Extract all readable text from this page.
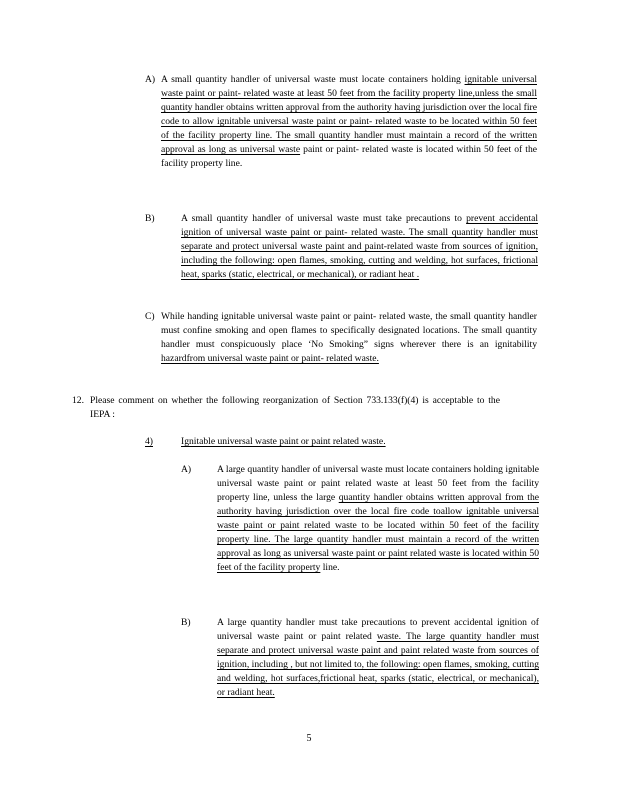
A) A small quantity handler of universal waste must locate containers holding ignitable universal waste paint or paint- related waste at least 50 feet from the facility property line,unless the small quantity handler obtains written approval from the authority having jurisdiction over the local fire code to allow ignitable universal waste paint or paint- related waste to be located within 50 feet of the facility property line. The small quantity handler must maintain a record of the written approval as long as universal waste paint or paint- related waste is located within 50 feet of the facility property line.
B)	A small quantity handler of universal waste must take precautions to prevent accidental ignition of universal waste paint or paint- related waste. The small quantity handler must separate and protect universal waste paint and paint-related waste from sources of ignition, including the following: open flames, smoking, cutting and welding, hot surfaces, frictional heat, sparks (static, electrical, or mechanical), or radiant heat .
C) While handing ignitable universal waste paint or paint- related waste, the small quantity handler must confine smoking and open flames to specifically designated locations. The small quantity handler must conspicuously place ‘No Smoking” signs wherever there is an ignitability hazardfrom universal waste paint or paint- related waste.
12. Please comment on whether the following reorganization of Section 733.133(f)(4) is acceptable to the IEPA :
4)	Ignitable universal waste paint or paint related waste.
A)	A large quantity handler of universal waste must locate containers holding ignitable universal waste paint or paint related waste at least 50 feet from the facility property line, unless the large quantity handler obtains written approval from the authority having jurisdiction over the local fire code toallow ignitable universal waste paint or paint related waste to be located within 50 feet of the facility property line. The large quantity handler must maintain a record of the written approval as long as universal waste paint or paint related waste is located within 50 feet of the facility property line.
B)	A large quantity handler must take precautions to prevent accidental ignition of universal waste paint or paint related waste. The large quantity handler must separate and protect universal waste paint and paint related waste from sources of ignition, including , but not limited to, the following: open flames, smoking, cutting and welding, hot surfaces,frictional heat, sparks (static, electrical, or mechanical), or radiant heat.
5
